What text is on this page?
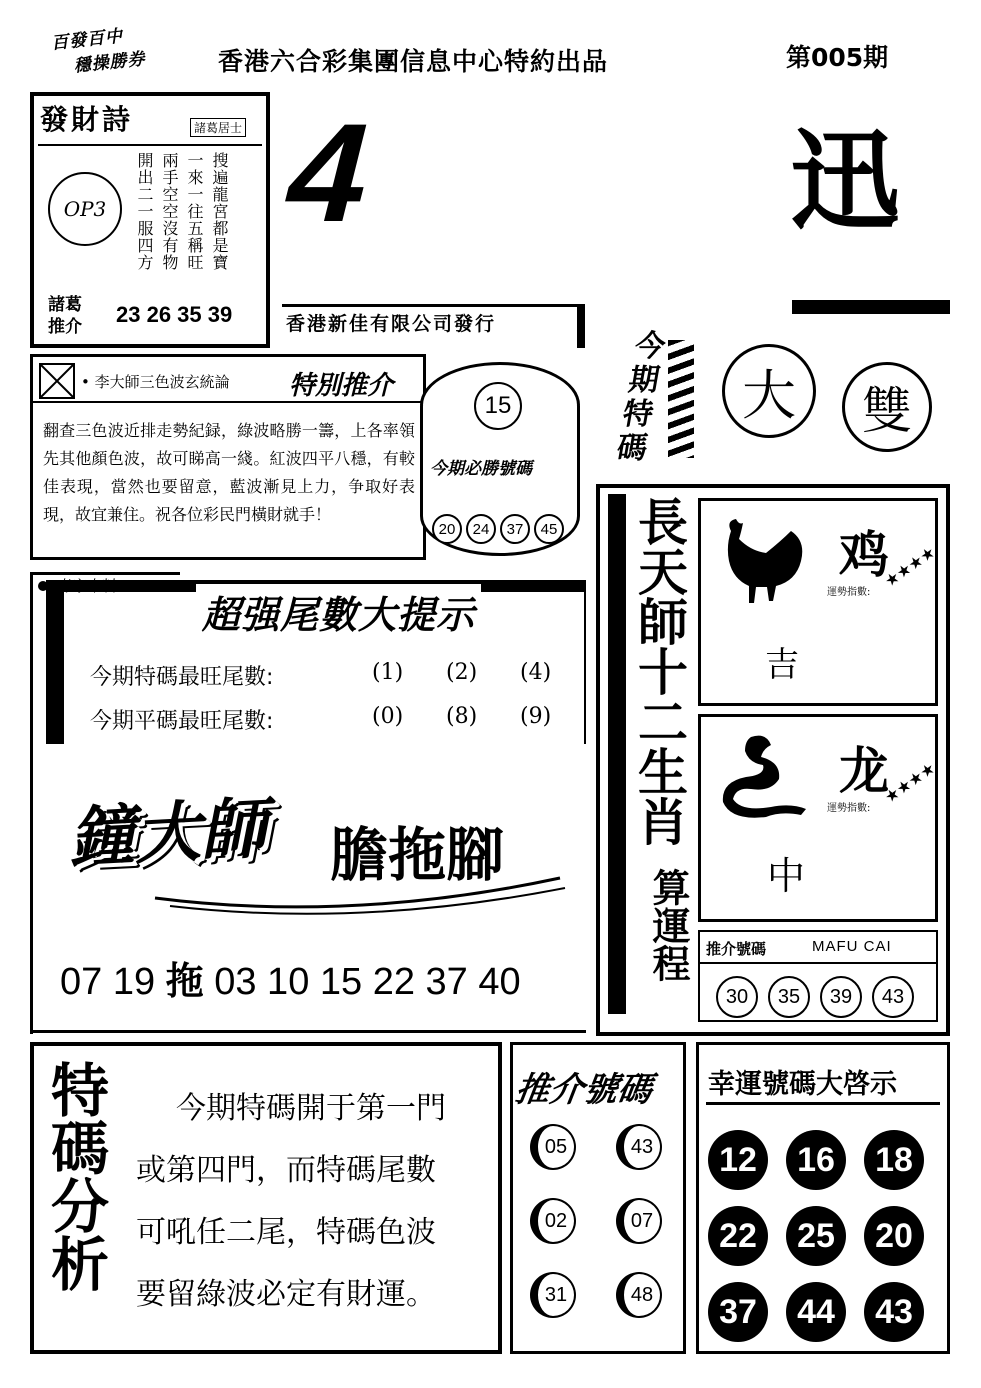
百發百中
穩操勝券	香港六合彩集團信息中心特約出品	第005期
發財詩	諸葛居士
OP3 開出二一服四方 兩手空空沒有物 一來一往五稱旺 搜遍龍宮都是寶
諸葛
推介 23 26 35 39
4	迅
香港新佳有限公司發行
今期特碼
大 雙
• 李大師三色波玄統論 特別推介
翻查三色波近排走勢紀録，綠波略勝一籌，上各率領先其他顏色波，故可睇高一綫。紅波四平八穩，有較佳表現，當然也要留意，藍波漸見上力，争取好表現，故宜兼住。祝各位彩民門橫財就手！
15
今期必勝號碼
20	24	37	45
專家來料
超强尾數大提示
今期特碼最旺尾數:	(1)	(2)	(4)
今期平碼最旺尾數:	(0)	(8)	(9)
鐘大師 膽拖腳
07 19 拖 03 10 15 22 37 40
長天師十二生肖
算運程
鸡
運勢指數:
★★★★
吉
龙
運勢指數:
★★★★
中
推介號碼	MAFU CAI
30	35	39	43
特碼分析	今期特碼開于第一門
或第四門，而特碼尾數
可吼任二尾，特碼色波
要留綠波必定有財運。
推介號碼
05	43
02	07
31	48
幸運號碼大啓示
12	16	18
22	25	20
37	44	43
